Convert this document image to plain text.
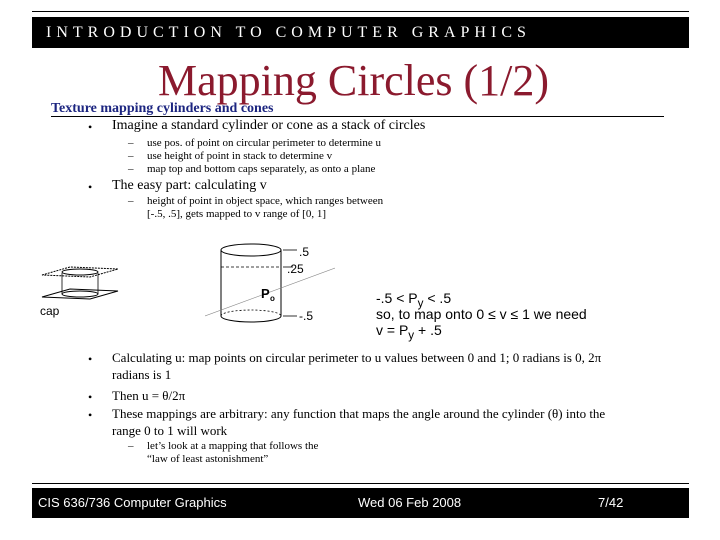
INTRODUCTION TO COMPUTER GRAPHICS
Mapping Circles (1/2)
Texture mapping cylinders and cones
• Imagine a standard cylinder or cone as a stack of circles
– use pos. of point on circular perimeter to determine u
– use height of point in stack to determine v
– map top and bottom caps separately, as onto a plane
• The easy part: calculating v
– height of point in object space, which ranges between
[-.5, .5], gets mapped to v range of [0, 1]
cap
.5
.25
-.5
P o	$-.5 < P_y < .5$
so, to map onto 0 ≤ v ≤ 1 we need
$v = P_y + .5$
• Calculating u: map points on circular perimeter to u values between 0 and 1; 0 radians is 0, 2π
radians is 1
• Then u = θ/2π
• These mappings are arbitrary: any function that maps the angle around the cylinder (θ) into the
range 0 to 1 will work
– let’s look at a mapping that follows the
“law of least astonishment”
CIS 636/736 Computer Graphics	Wed 06 Feb 2008	7/42
